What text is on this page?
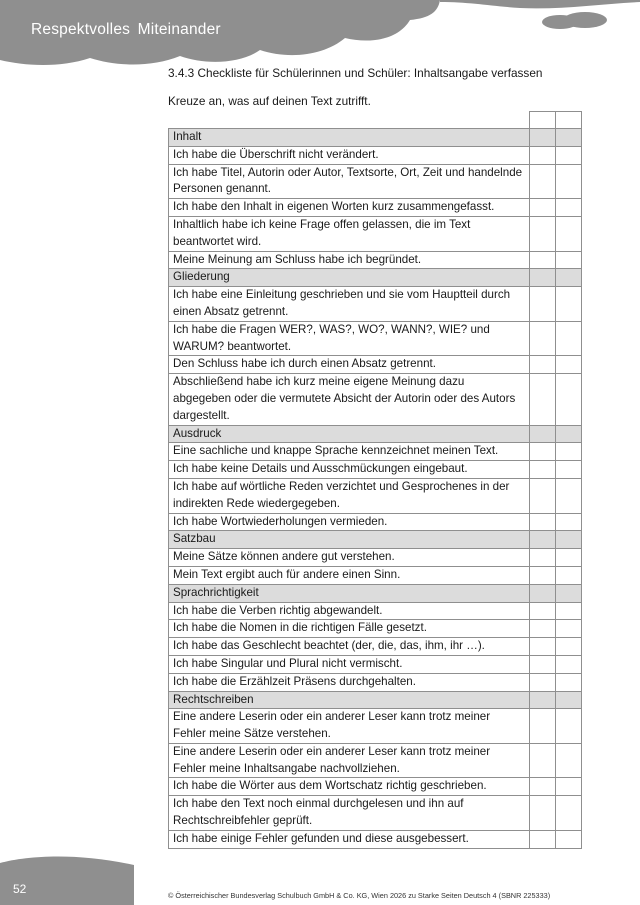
Respektvolles Miteinander
3.4.3 Checkliste für Schülerinnen und Schüler: Inhaltsangabe verfassen
Kreuze an, was auf deinen Text zutrifft.

Inhalt		
Ich habe die Überschrift nicht verändert.		
Ich habe Titel, Autorin oder Autor, Textsorte, Ort, Zeit und handelnde Personen genannt.		
Ich habe den Inhalt in eigenen Worten kurz zusammengefasst.		
Inhaltlich habe ich keine Frage offen gelassen, die im Text beantwortet wird.		
Meine Meinung am Schluss habe ich begründet.		
Gliederung		
Ich habe eine Einleitung geschrieben und sie vom Hauptteil durch einen Absatz getrennt.		
Ich habe die Fragen WER?, WAS?, WO?, WANN?, WIE? und WARUM? beantwortet.		
Den Schluss habe ich durch einen Absatz getrennt.		
Abschließend habe ich kurz meine eigene Meinung dazu abgegeben oder die vermutete Absicht der Autorin oder des Autors dargestellt.		
Ausdruck		
Eine sachliche und knappe Sprache kennzeichnet meinen Text.		
Ich habe keine Details und Ausschmückungen eingebaut.		
Ich habe auf wörtliche Reden verzichtet und Gesprochenes in der indirekten Rede wiedergegeben.		
Ich habe Wortwiederholungen vermieden.		
Satzbau		
Meine Sätze können andere gut verstehen.		
Mein Text ergibt auch für andere einen Sinn.		
Sprachrichtigkeit		
Ich habe die Verben richtig abgewandelt.		
Ich habe die Nomen in die richtigen Fälle gesetzt.		
Ich habe das Geschlecht beachtet (der, die, das, ihm, ihr …).		
Ich habe Singular und Plural nicht vermischt.		
Ich habe die Erzählzeit Präsens durchgehalten.		
Rechtschreiben		
Eine andere Leserin oder ein anderer Leser kann trotz meiner Fehler meine Sätze verstehen.		
Eine andere Leserin oder ein anderer Leser kann trotz meiner Fehler meine Inhaltsangabe nachvollziehen.		
Ich habe die Wörter aus dem Wortschatz richtig geschrieben.		
Ich habe den Text noch einmal durchgelesen und ihn auf Rechtschreibfehler geprüft.		
Ich habe einige Fehler gefunden und diese ausgebessert.		
52	© Österreichischer Bundesverlag Schulbuch GmbH & Co. KG, Wien 2026 zu Starke Seiten Deutsch 4 (SBNR 225333)
